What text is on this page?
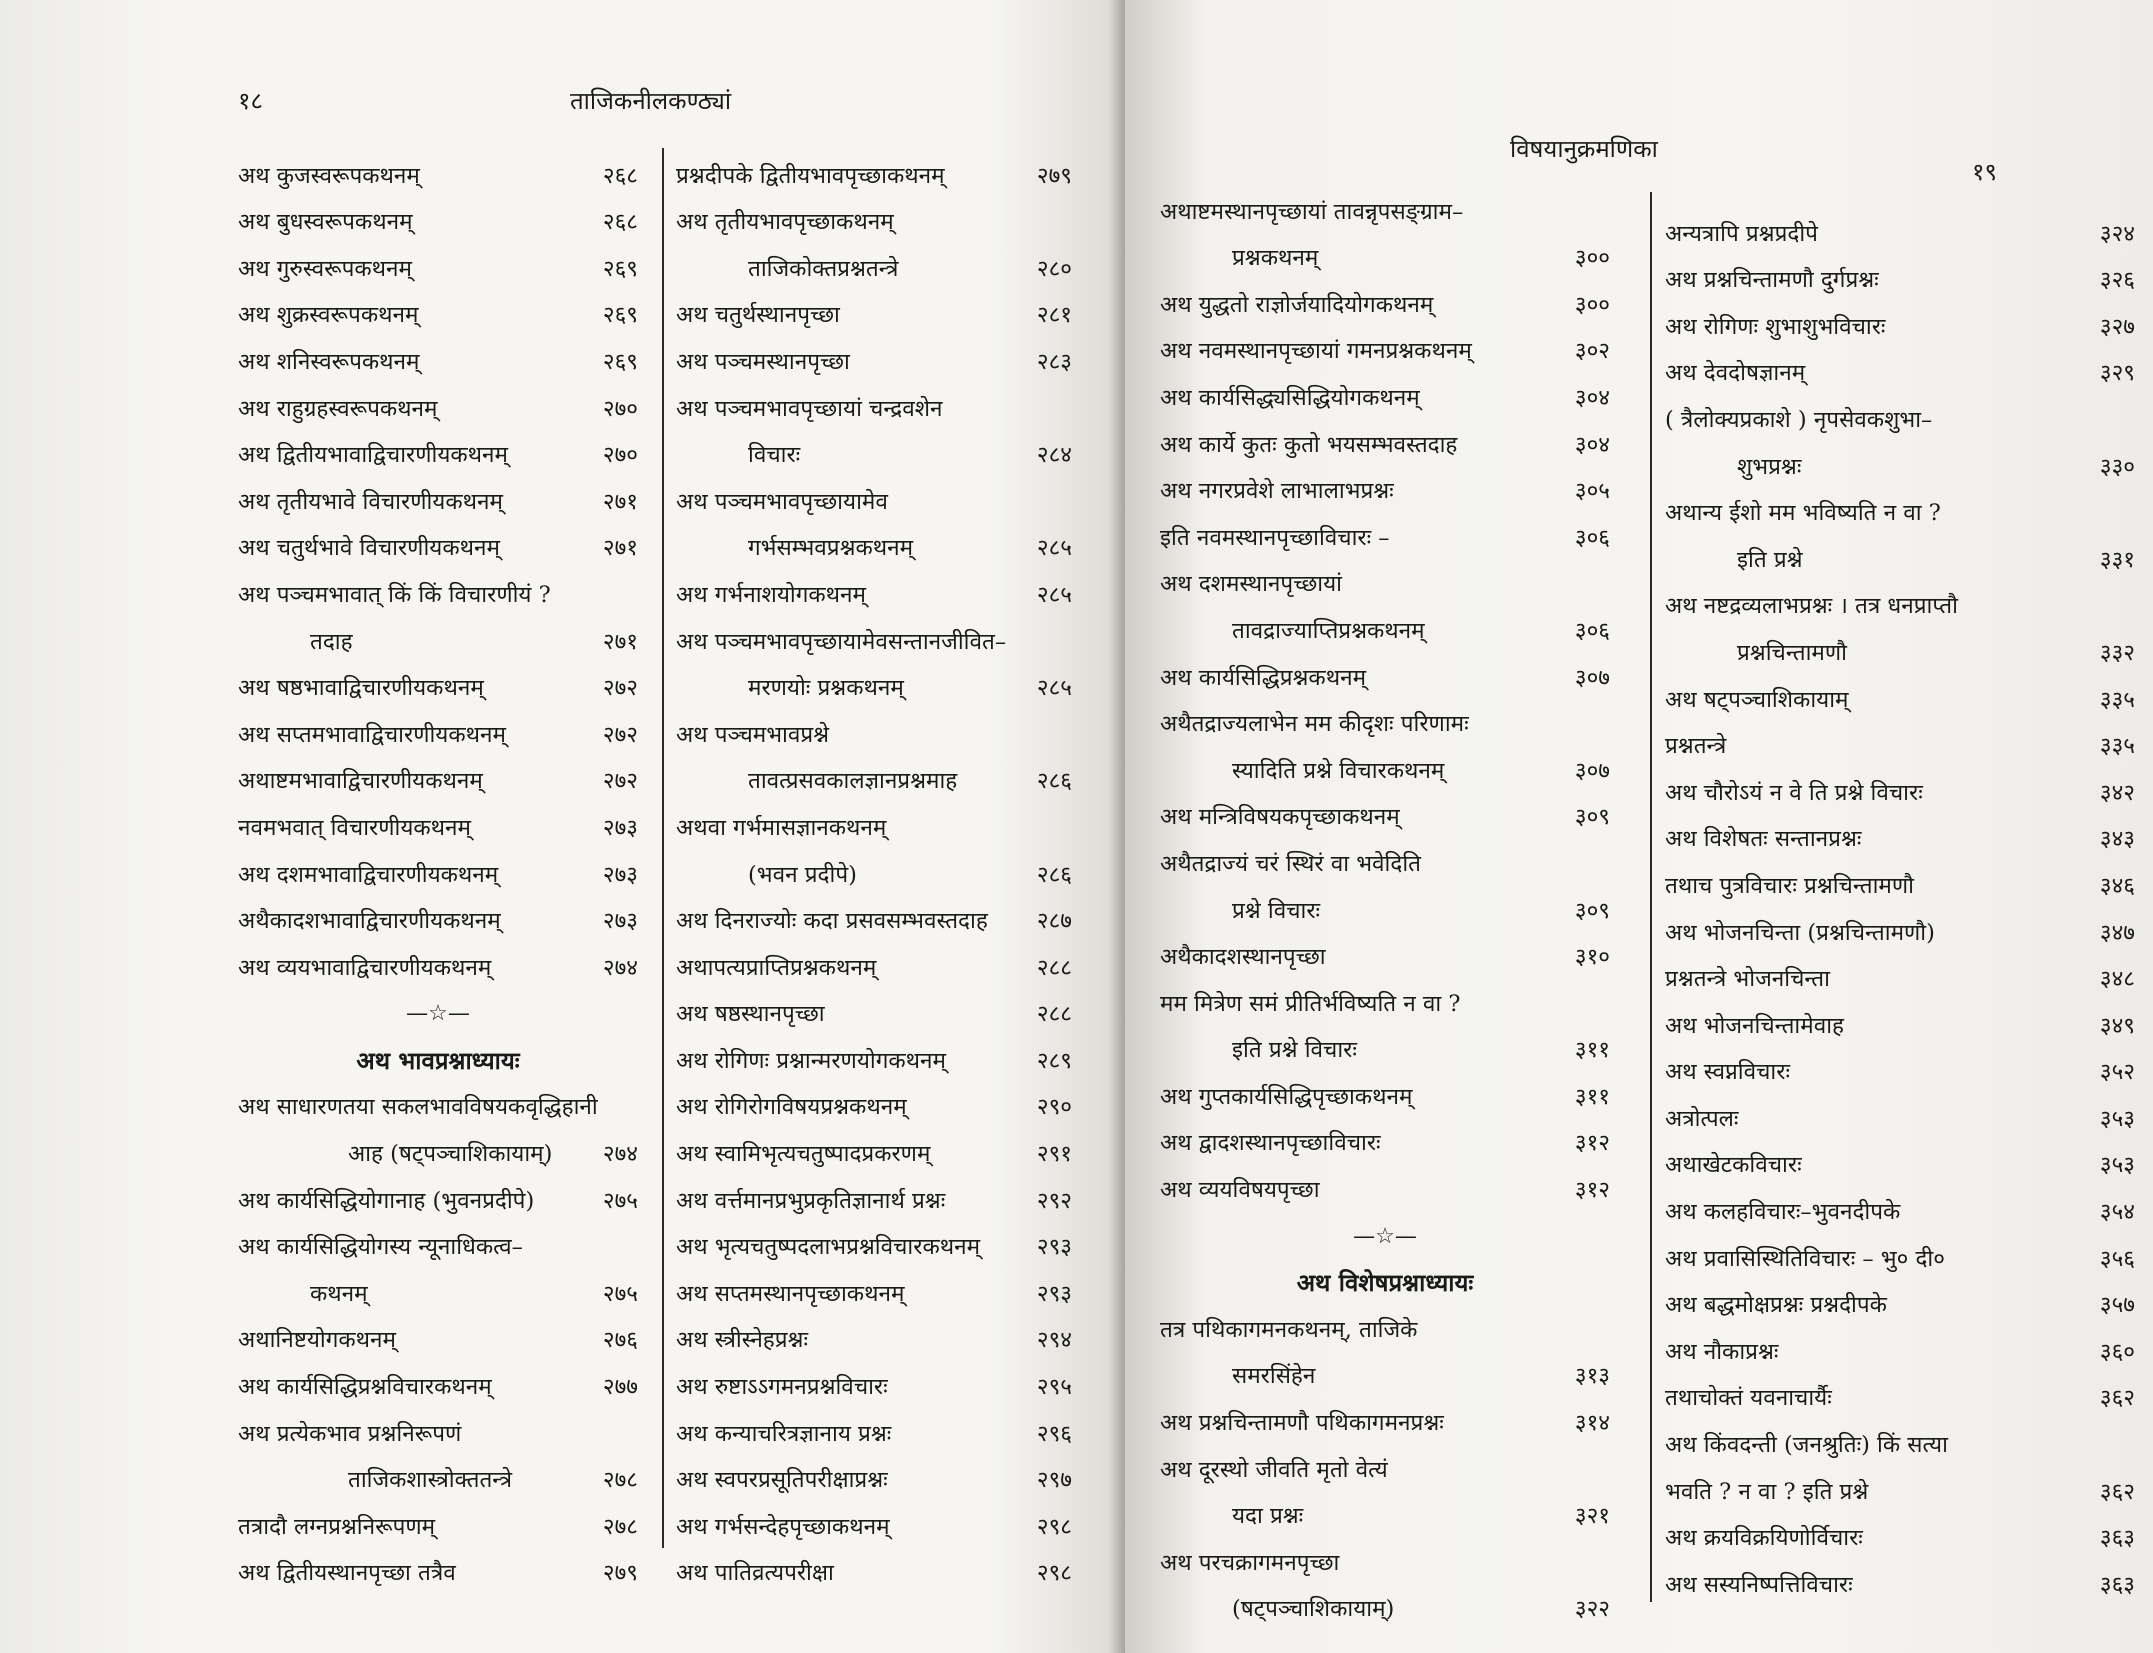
१८	ताजिकनीलकण्ठ्यां
अथ कुजस्वरूपकथनम्	२६८
अथ बुधस्वरूपकथनम्	२६८
अथ गुरुस्वरूपकथनम्	२६९
अथ शुक्रस्वरूपकथनम्	२६९
अथ शनिस्वरूपकथनम्	२६९
अथ राहुग्रहस्वरूपकथनम्	२७०
अथ द्वितीयभावाद्विचारणीयकथनम्	२७०
अथ तृतीयभावे विचारणीयकथनम्	२७१
अथ चतुर्थभावे विचारणीयकथनम्	२७१
अथ पञ्चमभावात् किं किं विचारणीयं ?
तदाह	२७१
अथ षष्ठभावाद्विचारणीयकथनम्	२७२
अथ सप्तमभावाद्विचारणीयकथनम्	२७२
अथाष्टमभावाद्विचारणीयकथनम्	२७२
नवमभवात् विचारणीयकथनम्	२७३
अथ दशमभावाद्विचारणीयकथनम्	२७३
अथैकादशभावाद्विचारणीयकथनम्	२७३
अथ व्ययभावाद्विचारणीयकथनम्	२७४
—☆—
अथ भावप्रश्नाध्यायः
अथ साधारणतया सकलभावविषयकवृद्धिहानी
आह (षट्पञ्चाशिकायाम्)	२७४
अथ कार्यसिद्धियोगानाह (भुवनप्रदीपे)	२७५
अथ कार्यसिद्धियोगस्य न्यूनाधिकत्व–
कथनम्	२७५
अथानिष्टयोगकथनम्	२७६
अथ कार्यसिद्धिप्रश्नविचारकथनम्	२७७
अथ प्रत्येकभाव प्रश्ननिरूपणं
ताजिकशास्त्रोक्ततन्त्रे	२७८
तत्रादौ लग्नप्रश्ननिरूपणम्	२७८
अथ द्वितीयस्थानपृच्छा तत्रैव	२७९
प्रश्नदीपके द्वितीयभावपृच्छाकथनम्	२७९
अथ तृतीयभावपृच्छाकथनम्
ताजिकोक्तप्रश्नतन्त्रे	२८०
अथ चतुर्थस्थानपृच्छा	२८१
अथ पञ्चमस्थानपृच्छा	२८३
अथ पञ्चमभावपृच्छायां चन्द्रवशेन
विचारः	२८४
अथ पञ्चमभावपृच्छायामेव
गर्भसम्भवप्रश्नकथनम्	२८५
अथ गर्भनाशयोगकथनम्	२८५
अथ पञ्चमभावपृच्छायामेवसन्तानजीवित–
मरणयोः प्रश्नकथनम्	२८५
अथ पञ्चमभावप्रश्ने
तावत्प्रसवकालज्ञानप्रश्नमाह	२८६
अथवा गर्भमासज्ञानकथनम्
(भवन प्रदीपे)	२८६
अथ दिनराज्योः कदा प्रसवसम्भवस्तदाह	२८७
अथापत्यप्राप्तिप्रश्नकथनम्	२८८
अथ षष्ठस्थानपृच्छा	२८८
अथ रोगिणः प्रश्नान्मरणयोगकथनम्	२८९
अथ रोगिरोगविषयप्रश्नकथनम्	२९०
अथ स्वामिभृत्यचतुष्पादप्रकरणम्	२९१
अथ वर्त्तमानप्रभुप्रकृतिज्ञानार्थ प्रश्नः	२९२
अथ भृत्यचतुष्पदलाभप्रश्नविचारकथनम्	२९३
अथ सप्तमस्थानपृच्छाकथनम्	२९३
अथ स्त्रीस्नेहप्रश्नः	२९४
अथ रुष्टाऽऽगमनप्रश्नविचारः	२९५
अथ कन्याचरित्रज्ञानाय प्रश्नः	२९६
अथ स्वपरप्रसूतिपरीक्षाप्रश्नः	२९७
अथ गर्भसन्देहपृच्छाकथनम्	२९८
अथ पातिव्रत्यपरीक्षा	२९८
विषयानुक्रमणिका
१९
अथाष्टमस्थानपृच्छायां तावन्नृपसङ्ग्राम–
प्रश्नकथनम्	३००
अथ युद्धतो राज्ञोर्जयादियोगकथनम्	३००
अथ नवमस्थानपृच्छायां गमनप्रश्नकथनम्	३०२
अथ कार्यसिद्ध्यसिद्धियोगकथनम्	३०४
अथ कार्ये कुतः कुतो भयसम्भवस्तदाह	३०४
अथ नगरप्रवेशे लाभालाभप्रश्नः	३०५
इति नवमस्थानपृच्छाविचारः –	३०६
अथ दशमस्थानपृच्छायां
तावद्राज्याप्तिप्रश्नकथनम्	३०६
अथ कार्यसिद्धिप्रश्नकथनम्	३०७
अथैतद्राज्यलाभेन मम कीदृशः परिणामः
स्यादिति प्रश्ने विचारकथनम्	३०७
अथ मन्त्रिविषयकपृच्छाकथनम्	३०९
अथैतद्राज्यं चरं स्थिरं वा भवेदिति
प्रश्ने विचारः	३०९
अथैकादशस्थानपृच्छा	३१०
मम मित्रेण समं प्रीतिर्भविष्यति न वा ?
इति प्रश्ने विचारः	३११
अथ गुप्तकार्यसिद्धिपृच्छाकथनम्	३११
अथ द्वादशस्थानपृच्छाविचारः	३१२
अथ व्ययविषयपृच्छा	३१२
—☆—
अथ विशेषप्रश्नाध्यायः
तत्र पथिकागमनकथनम्, ताजिके
समरसिंहेन	३१३
अथ प्रश्नचिन्तामणौ पथिकागमनप्रश्नः	३१४
अथ दूरस्थो जीवति मृतो वेत्यं
यदा प्रश्नः	३२१
अथ परचक्रागमनपृच्छा
(षट्पञ्चाशिकायाम्)	३२२
अन्यत्रापि प्रश्नप्रदीपे	३२४
अथ प्रश्नचिन्तामणौ दुर्गप्रश्नः	३२६
अथ रोगिणः शुभाशुभविचारः	३२७
अथ देवदोषज्ञानम्	३२९
( त्रैलोक्यप्रकाशे ) नृपसेवकशुभा–
शुभप्रश्नः	३३०
अथान्य ईशो मम भविष्यति न वा ?
इति प्रश्ने	३३१
अथ नष्टद्रव्यलाभप्रश्नः । तत्र धनप्राप्तौ
प्रश्नचिन्तामणौ	३३२
अथ षट्पञ्चाशिकायाम्	३३५
प्रश्नतन्त्रे	३३५
अथ चौरोऽयं न वे ति प्रश्ने विचारः	३४२
अथ विशेषतः सन्तानप्रश्नः	३४३
तथाच पुत्रविचारः प्रश्नचिन्तामणौ	३४६
अथ भोजनचिन्ता (प्रश्नचिन्तामणौ)	३४७
प्रश्नतन्त्रे भोजनचिन्ता	३४८
अथ भोजनचिन्तामेवाह	३४९
अथ स्वप्नविचारः	३५२
अत्रोत्पलः	३५३
अथाखेटकविचारः	३५३
अथ कलहविचारः–भुवनदीपके	३५४
अथ प्रवासिस्थितिविचारः – भु० दी०	३५६
अथ बद्धमोक्षप्रश्नः प्रश्नदीपके	३५७
अथ नौकाप्रश्नः	३६०
तथाचोक्तं यवनाचार्यैः	३६२
अथ किंवदन्ती (जनश्रुतिः) किं सत्या
भवति ? न वा ? इति प्रश्ने	३६२
अथ क्रयविक्रयिणोर्विचारः	३६३
अथ सस्यनिष्पत्तिविचारः	३६३
